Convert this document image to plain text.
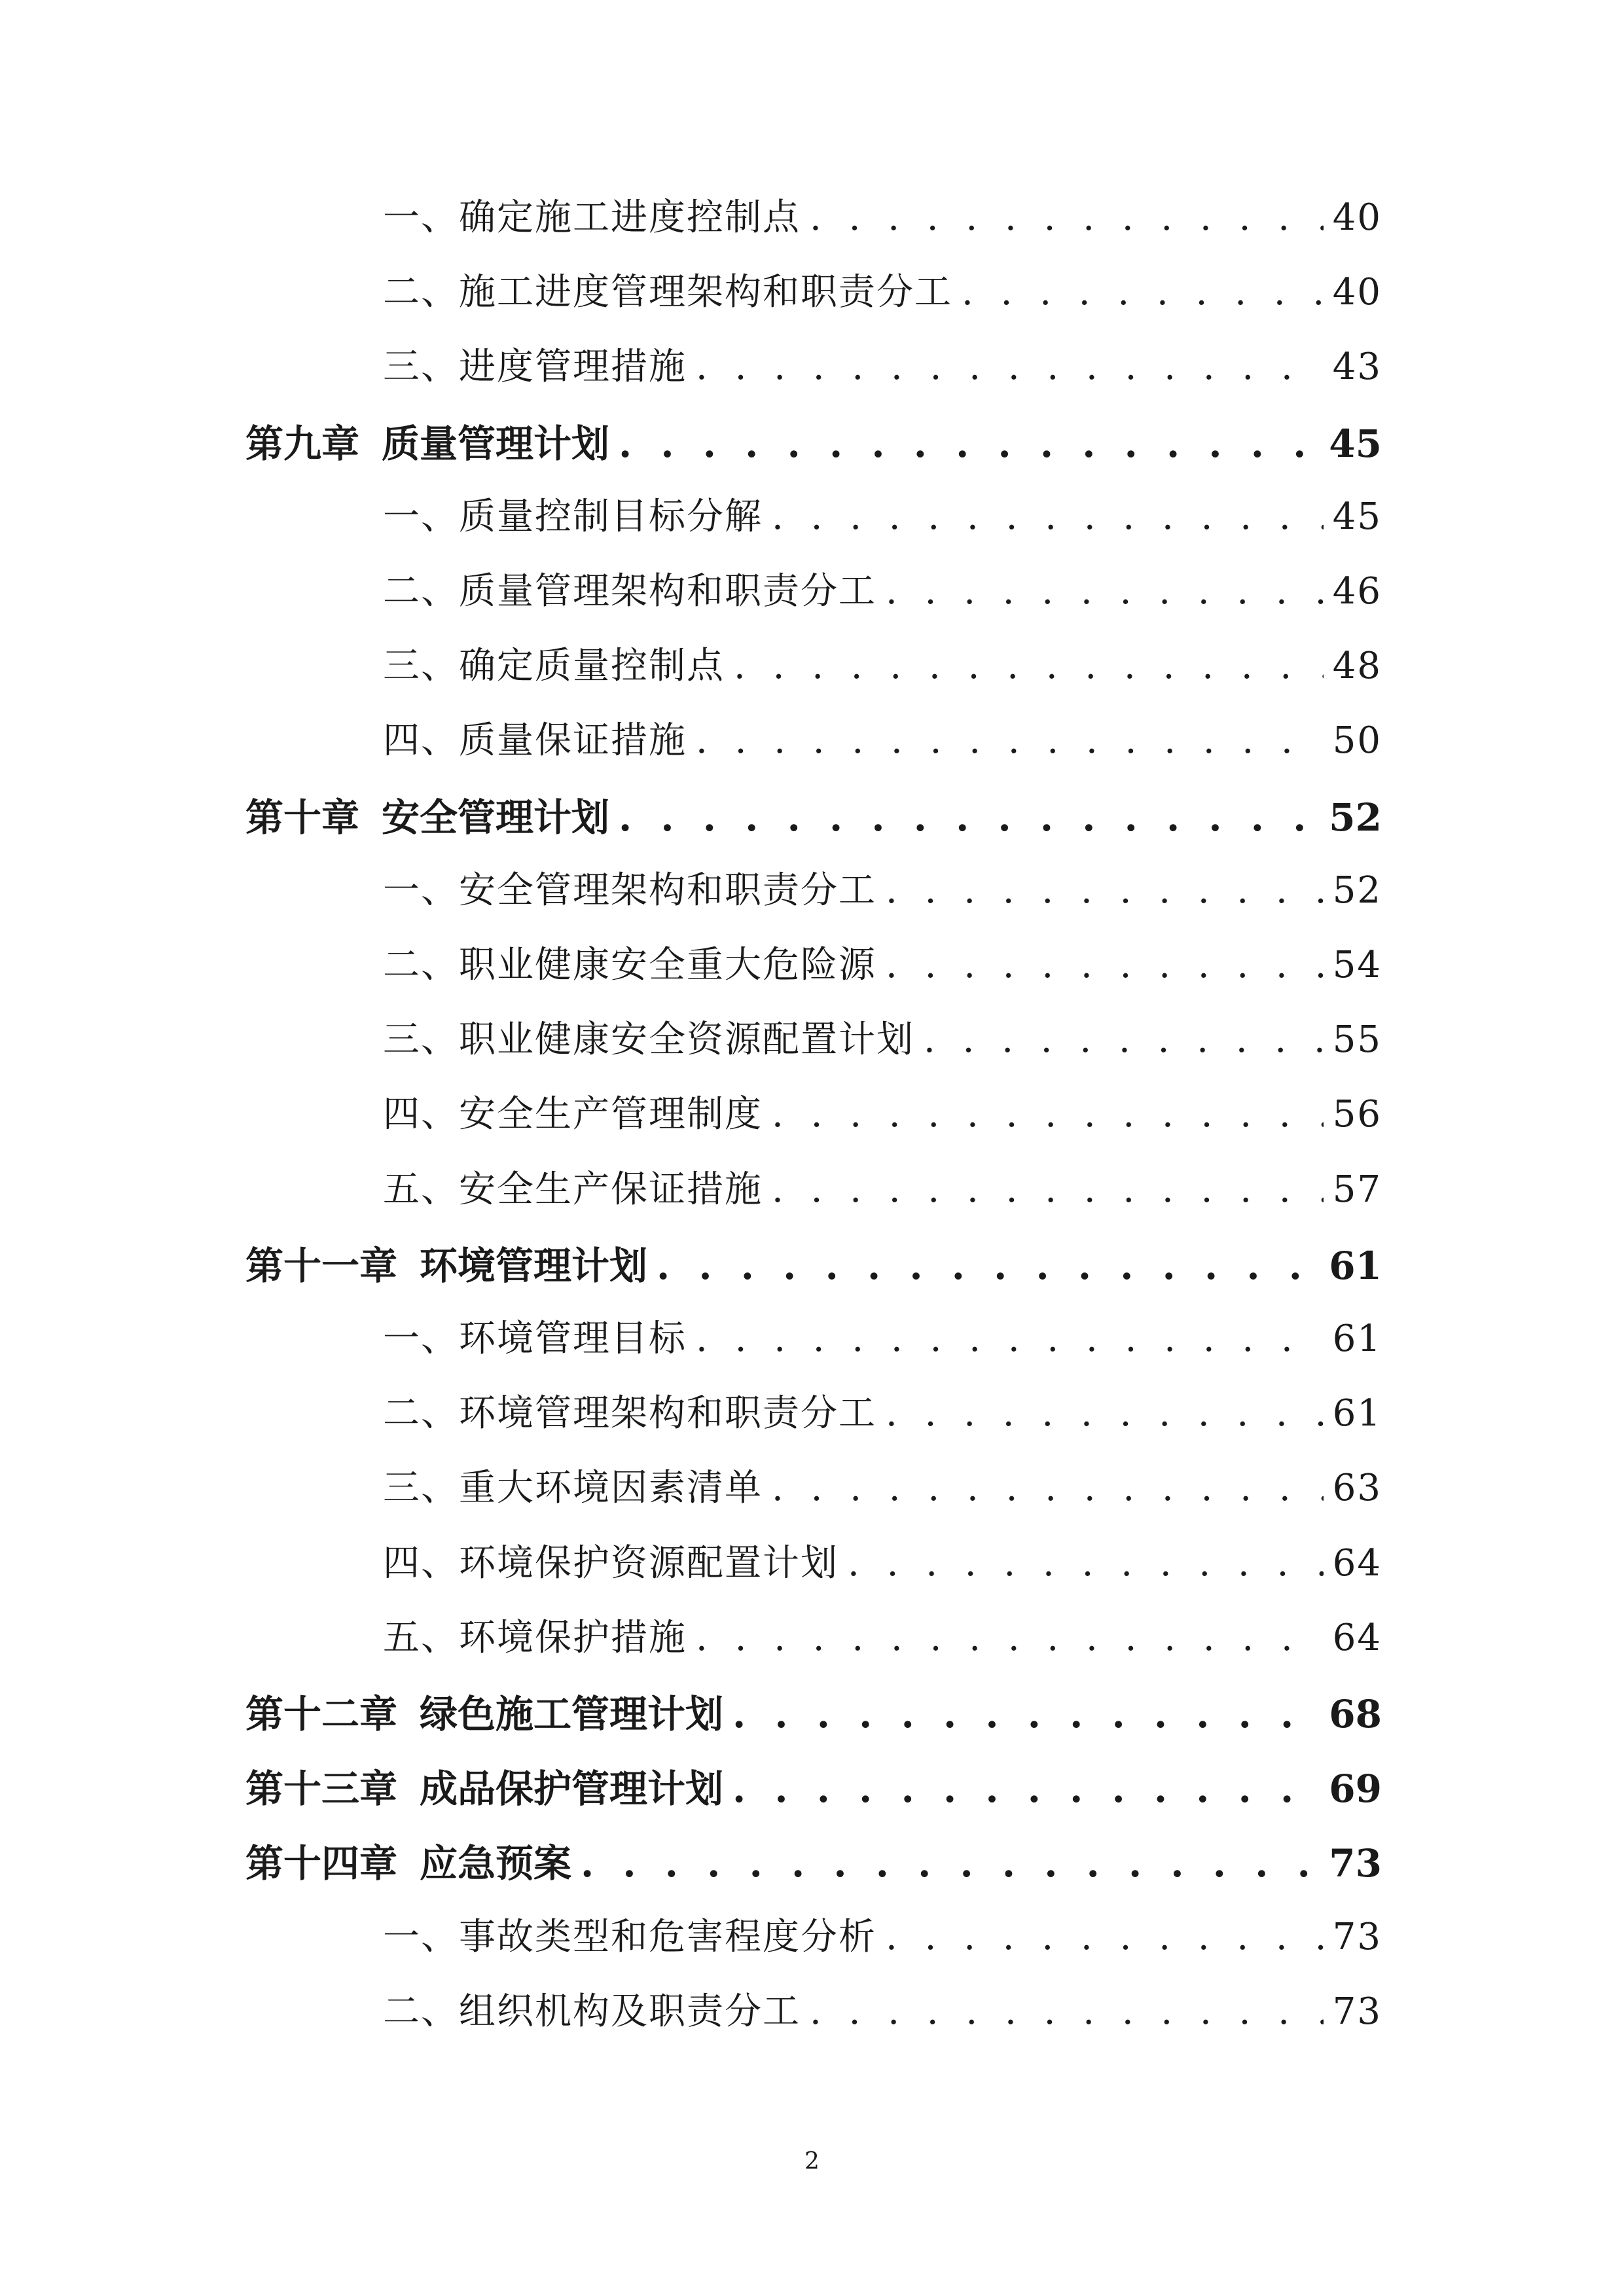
一、确定施工进度控制点 . . .	40
二、施工进度管理架构和职责分工 . . .	40
三、进度管理措施 . . .	43
第九章 质量管理计划 . . .	45
一、质量控制目标分解 . . .	45
二、质量管理架构和职责分工 . . .	46
三、确定质量控制点 . . .	48
四、质量保证措施 . . .	50
第十章 安全管理计划 . . .	52
一、安全管理架构和职责分工 . . .	52
二、职业健康安全重大危险源 . . .	54
三、职业健康安全资源配置计划 . . .	55
四、安全生产管理制度 . . .	56
五、安全生产保证措施 . . .	57
第十一章 环境管理计划 . . .	61
一、环境管理目标 . . .	61
二、环境管理架构和职责分工 . . .	61
三、重大环境因素清单 . . .	63
四、环境保护资源配置计划 . . .	64
五、环境保护措施 . . .	64
第十二章 绿色施工管理计划 . . .	68
第十三章 成品保护管理计划 . . .	69
第十四章 应急预案 . . .	73
一、事故类型和危害程度分析 . . .	73
二、组织机构及职责分工 . . .	73
2
